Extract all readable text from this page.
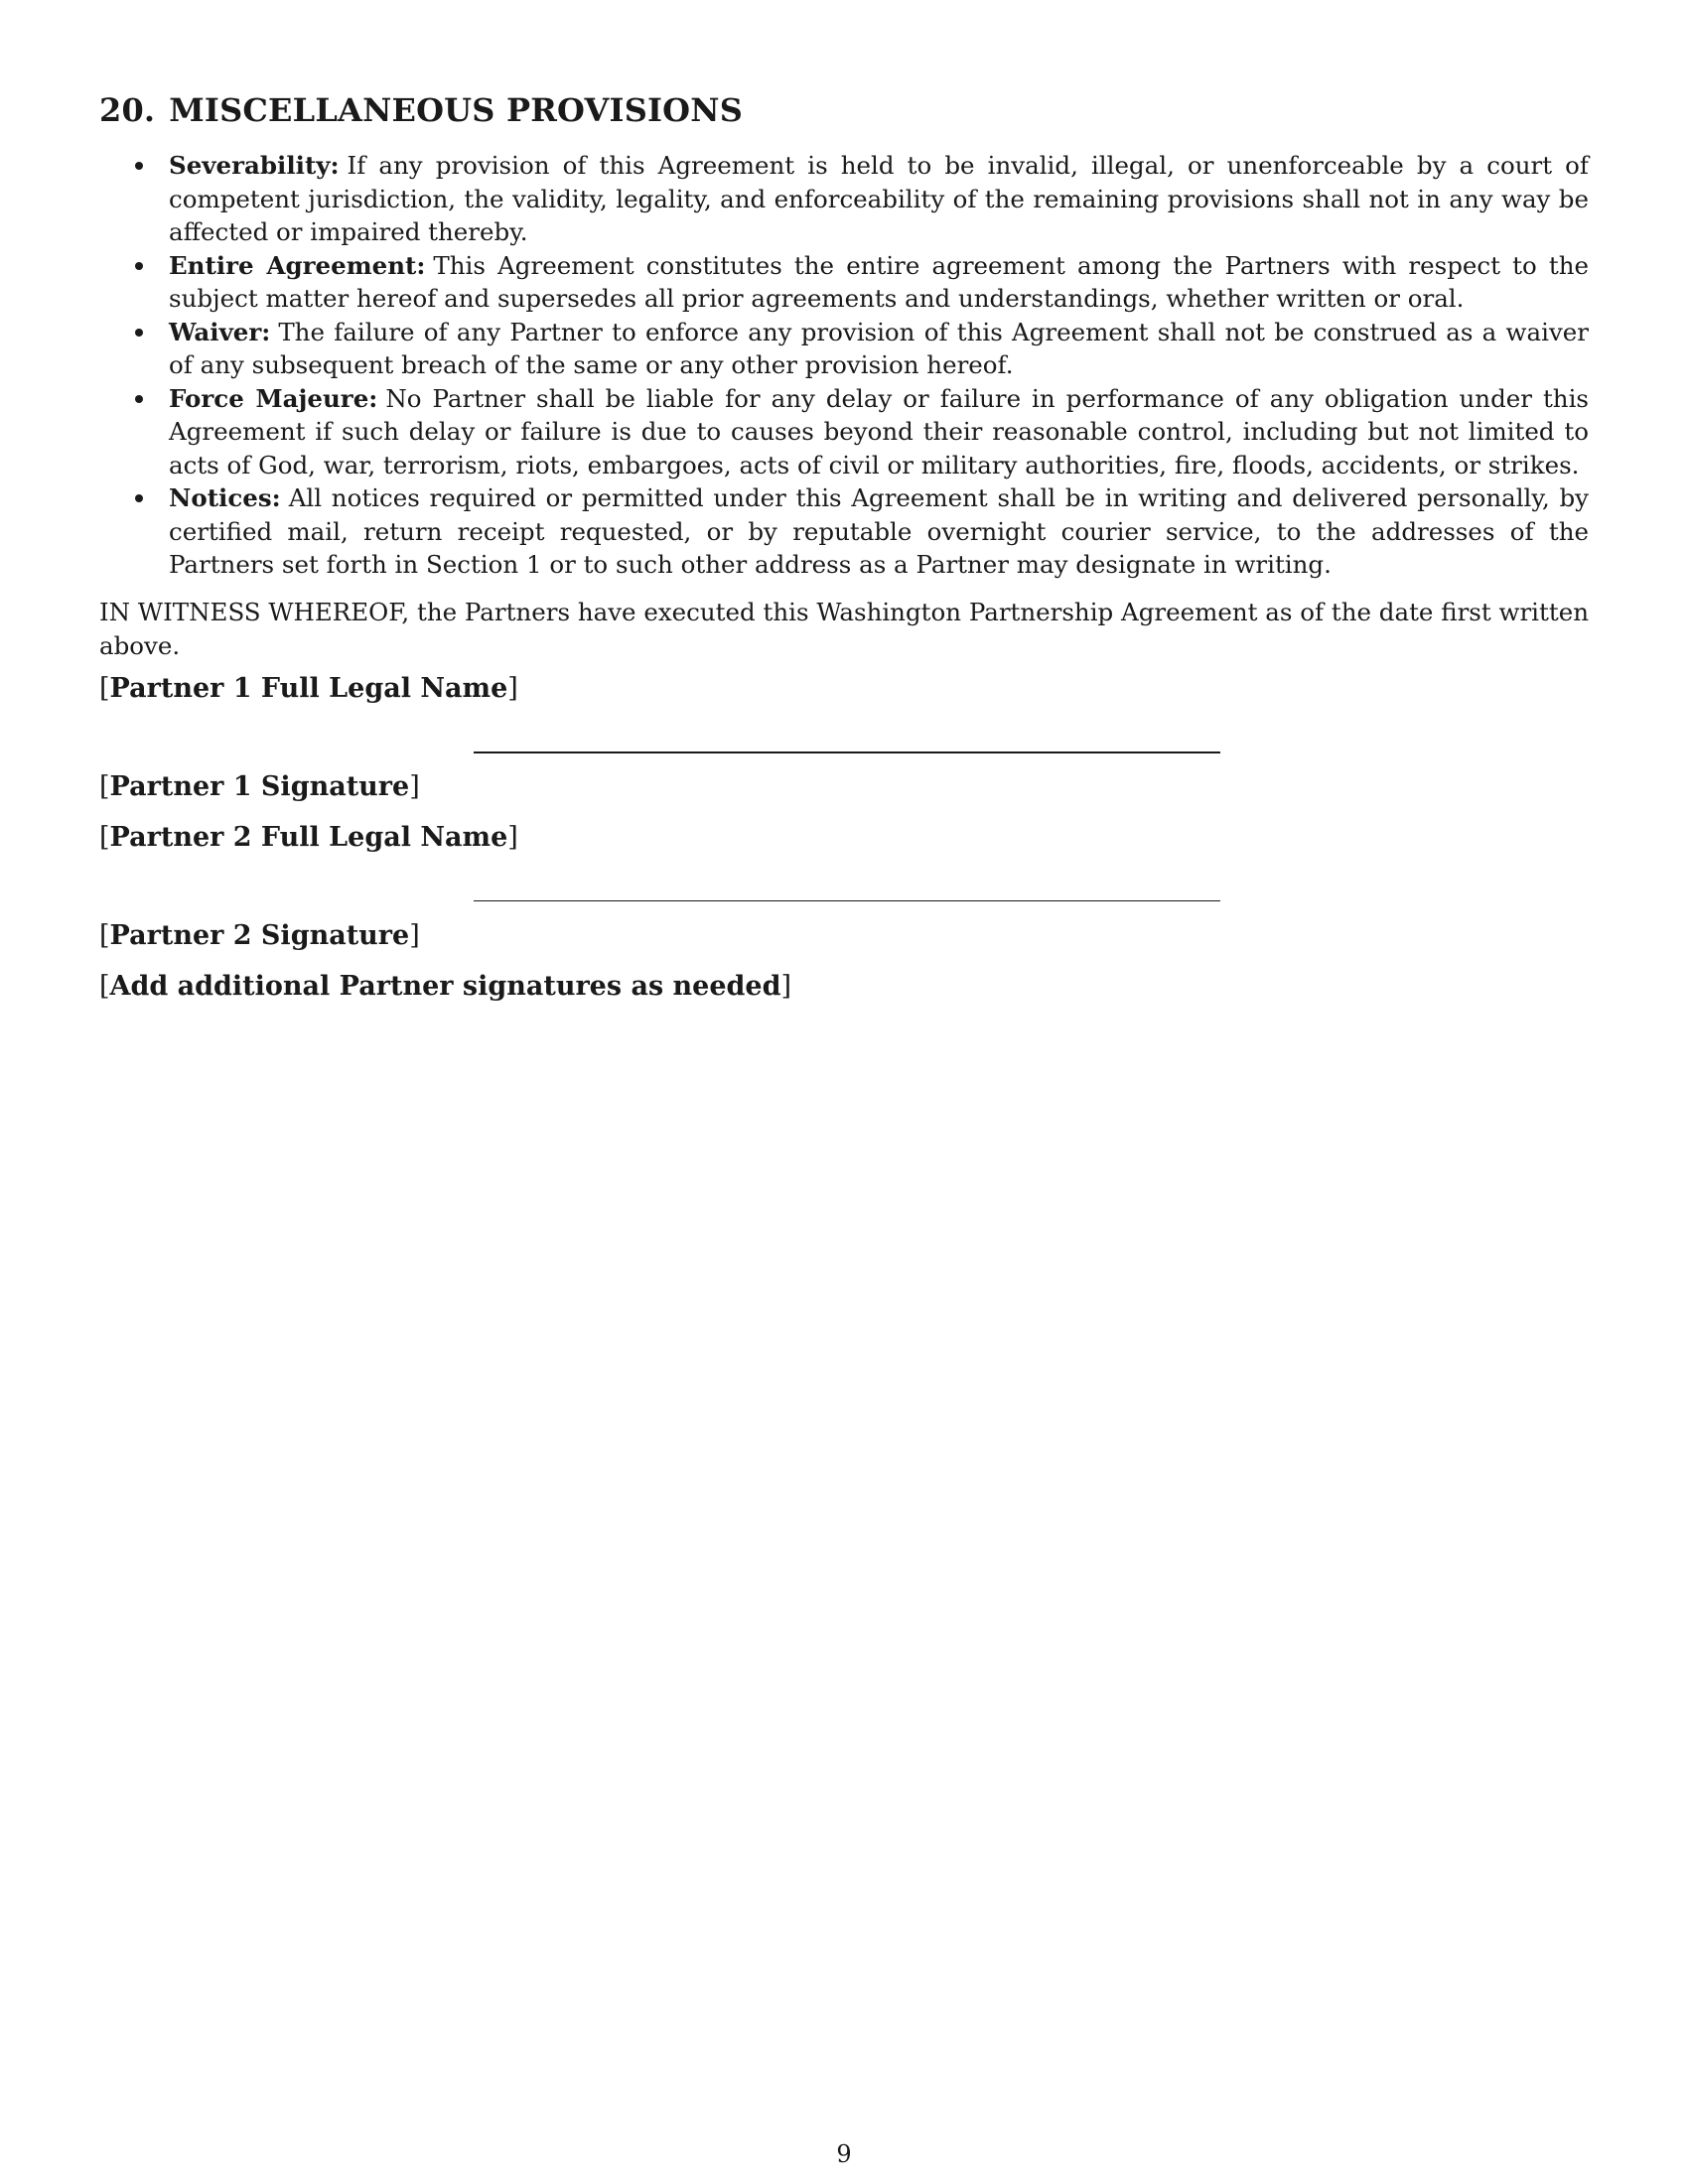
20. MISCELLANEOUS PROVISIONS
Severability: If any provision of this Agreement is held to be invalid, illegal, or unenforceable by a court of competent jurisdiction, the validity, legality, and enforceability of the remaining provisions shall not in any way be affected or impaired thereby.
Entire Agreement: This Agreement constitutes the entire agreement among the Partners with respect to the subject matter hereof and supersedes all prior agreements and understandings, whether written or oral.
Waiver: The failure of any Partner to enforce any provision of this Agreement shall not be construed as a waiver of any subsequent breach of the same or any other provision hereof.
Force Majeure: No Partner shall be liable for any delay or failure in performance of any obligation under this Agreement if such delay or failure is due to causes beyond their reasonable control, including but not limited to acts of God, war, terrorism, riots, embargoes, acts of civil or military authorities, fire, floods, accidents, or strikes.
Notices: All notices required or permitted under this Agreement shall be in writing and delivered personally, by certified mail, return receipt requested, or by reputable overnight courier service, to the addresses of the Partners set forth in Section 1 or to such other address as a Partner may designate in writing.

IN WITNESS WHEREOF, the Partners have executed this Washington Partnership Agreement as of the date first written above.

[Partner 1 Full Legal Name]

[Partner 1 Signature]

[Partner 2 Full Legal Name]

[Partner 2 Signature]

[Add additional Partner signatures as needed]

9
